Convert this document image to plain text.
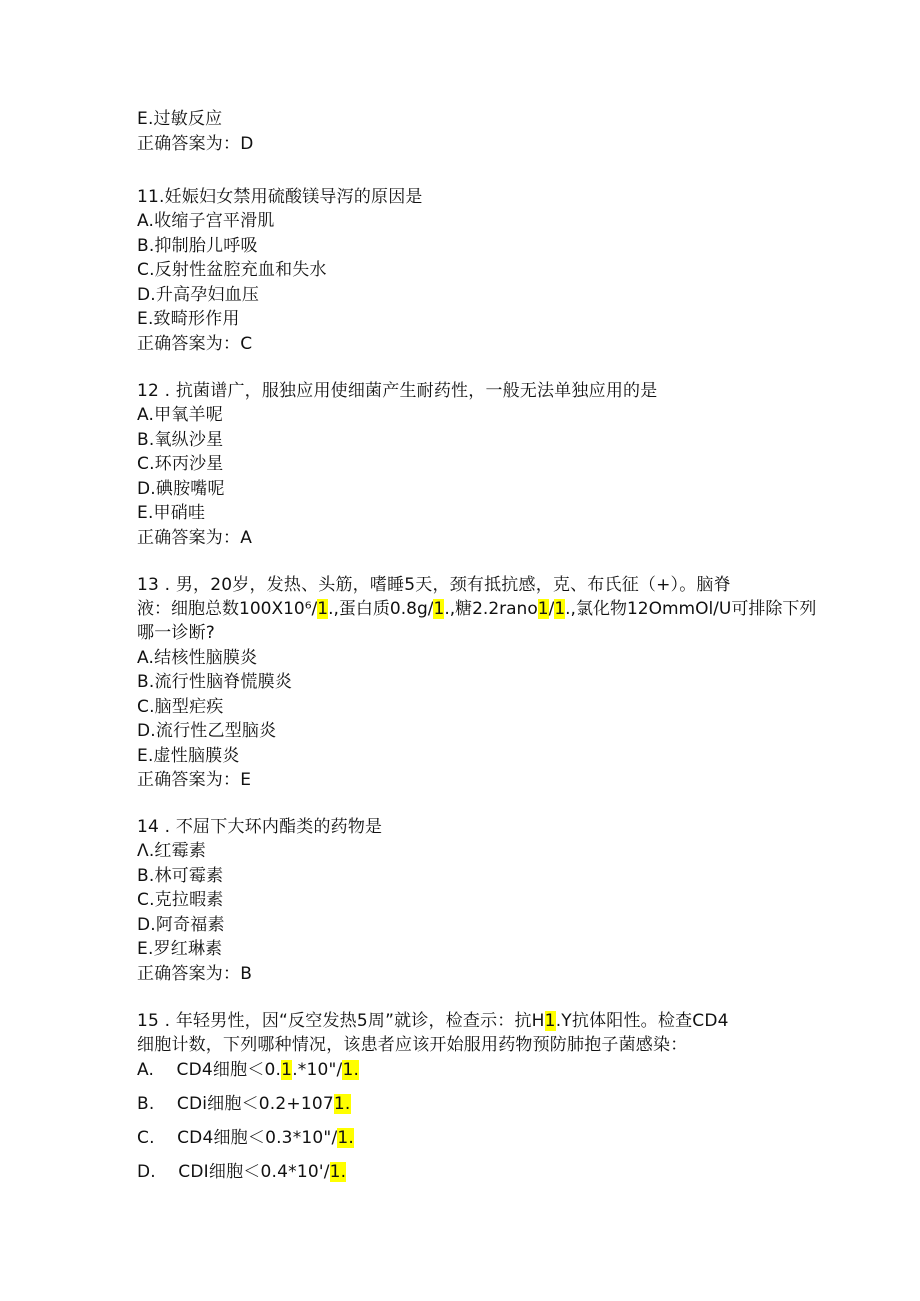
E.过敏反应
正确答案为：D
11.妊娠妇女禁用硫酸镁导泻的原因是
A.收缩子宫平滑肌
B.抑制胎儿呼吸
C.反射性盆腔充血和失水
D.升高孕妇血压
E.致畸形作用
正确答案为：C
12 . 抗菌谱广，服独应用使细菌产生耐药性，一般无法单独应用的是
A.甲氧羊呢
B.氧纵沙星
C.环丙沙星
D.碘胺嘴呢
E.甲硝哇
正确答案为：A
13 . 男，20岁，发热、头筋，嗜睡5天，颈有抵抗感，克、布氏征（+）。脑脊
液：细胞总数100X10⁶/1.,蛋白质0.8g/1.,糖2.2rano1/1.,氯化物12OmmOl/U可排除下列
哪一诊断?
A.结核性脑膜炎
B.流行性脑脊慌膜炎
C.脑型疟疾
D.流行性乙型脑炎
E.虚性脑膜炎
正确答案为：E
14 . 不屈下大环内酯类的药物是
Λ.红霉素
B.林可霉素
C.克拉暇素
D.阿奇福素
E.罗红琳素
正确答案为：B
15 . 年轻男性，因“反空发热5周”就诊，检查示：抗H1.Y抗体阳性。检查CD4
细胞计数，下列哪种情况，该患者应该开始服用药物预防肺抱子菌感染：
A.    CD4细胞＜0.1.*10"/1.
B.    CDi细胞＜0.2+1071.
C.    CD4细胞＜0.3*10"/1.
D.    CDI细胞＜0.4*10'/1.
